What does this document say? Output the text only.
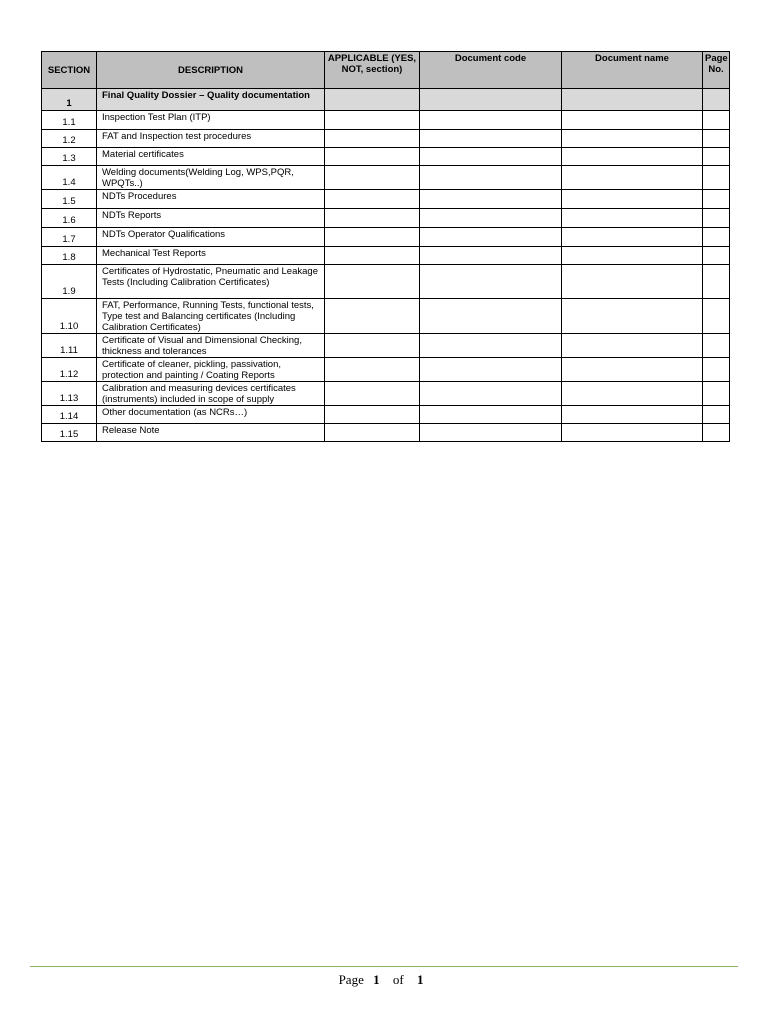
SECTION	DESCRIPTION	APPLICABLE (YES, NOT, section)	Document code	Document name	Page No.
1	Final Quality Dossier – Quality documentation				
1.1	Inspection Test Plan (ITP)				
1.2	FAT and Inspection test procedures				
1.3	Material certificates				
1.4	Welding documents(Welding Log, WPS,PQR, WPQTs..)				
1.5	NDTs Procedures				
1.6	NDTs Reports				
1.7	NDTs Operator Qualifications				
1.8	Mechanical Test Reports				
1.9	Certificates of Hydrostatic, Pneumatic and Leakage Tests (Including Calibration Certificates)				
1.10	FAT, Performance, Running Tests, functional tests, Type test and Balancing certificates (Including Calibration Certificates)				
1.11	Certificate of Visual and Dimensional Checking, thickness and tolerances				
1.12	Certificate of cleaner, pickling, passivation, protection and painting / Coating Reports				
1.13	Calibration and measuring devices certificates (instruments) included in scope of supply				
1.14	Other documentation (as NCRs…)				
1.15	Release Note				
Page 1 of 1
